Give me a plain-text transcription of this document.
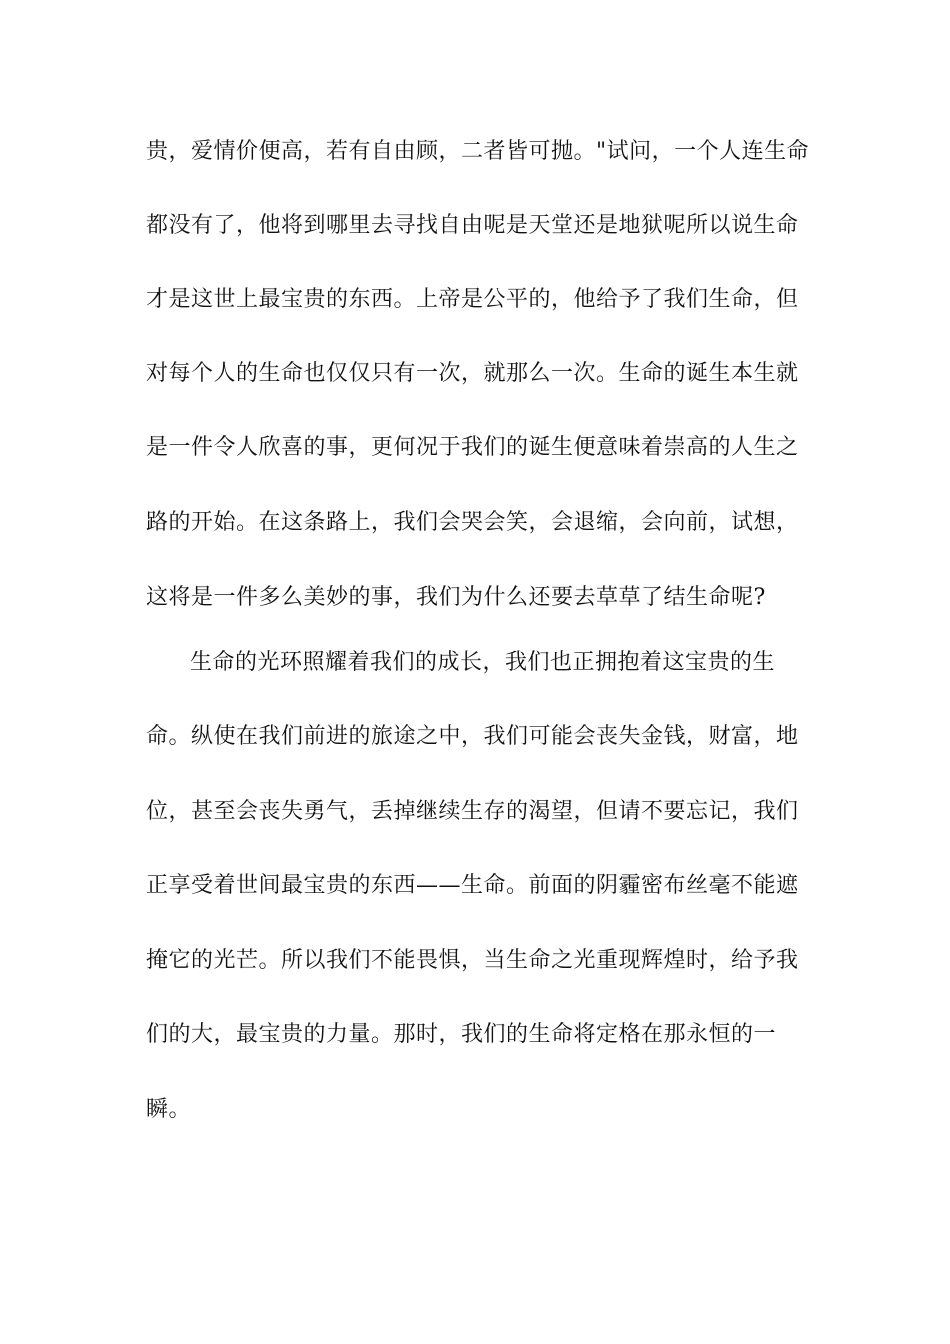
贵，爱情价便高，若有自由顾，二者皆可抛。"试问，一个人连生命

都没有了，他将到哪里去寻找自由呢是天堂还是地狱呢所以说生命

才是这世上最宝贵的东西。上帝是公平的，他给予了我们生命，但

对每个人的生命也仅仅只有一次，就那么一次。生命的诞生本生就

是一件令人欣喜的事，更何况于我们的诞生便意味着崇高的人生之

路的开始。在这条路上，我们会哭会笑，会退缩，会向前，试想，

这将是一件多么美妙的事，我们为什么还要去草草了结生命呢?

生命的光环照耀着我们的成长，我们也正拥抱着这宝贵的生

命。纵使在我们前进的旅途之中，我们可能会丧失金钱，财富，地

位，甚至会丧失勇气，丢掉继续生存的渴望，但请不要忘记，我们

正享受着世间最宝贵的东西——生命。前面的阴霾密布丝毫不能遮

掩它的光芒。所以我们不能畏惧，当生命之光重现辉煌时，给予我

们的大，最宝贵的力量。那时，我们的生命将定格在那永恒的一

瞬。
